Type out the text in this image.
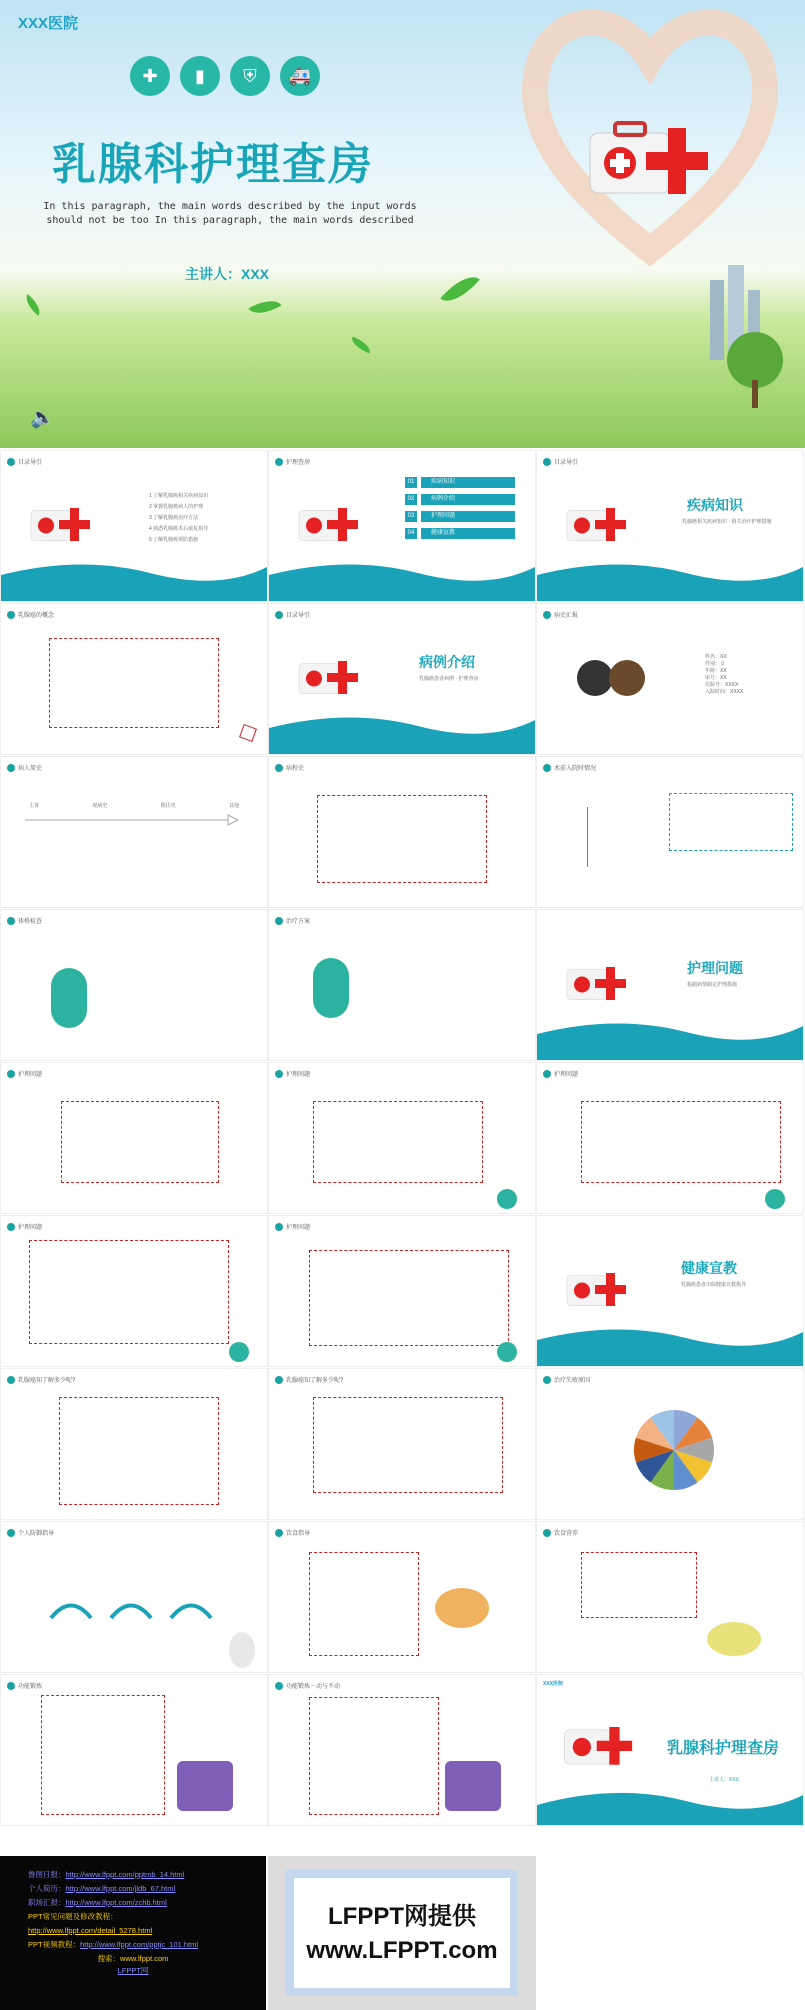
XXX医院
✚	▮	⛨	🚑
乳腺科护理查房
In this paragraph, the main words described by the input words should not be too In this paragraph, the main words described
主讲人：XXX
🔈
目录导引
1 了解乳腺癌相关疾病知识
2 掌握乳腺癌病人的护理
3 了解乳腺癌治疗方法
4 熟悉乳腺癌术后康复指导
5 了解乳腺癌预防措施
护理查房
01	疾病知识
02	病例介绍
03	护理问题
04	健康宣教
目录导引
疾病知识
乳腺癌相关疾病知识 · 相关治疗护理措施
乳腺癌的概念	目录导引
病例介绍
乳腺癌患者病例 · 护理查房
病史汇报
姓名：XX
性别：女
年龄：XX
床号：XX
住院号：XXXX
入院时间：XXXX
病人简史
主诉	现病史	既往史	其他
病程史	术前入院时情况
体格检查	治疗方案
护理问题
根据病情制定护理措施
护理问题	护理问题	护理问题
护理问题	护理问题
健康宣教
乳腺癌患者出院健康宣教指导
乳腺癌知了解多少呢?	乳腺癌知了解多少呢?	治疗失败原因
个人防御指导	饮食指导	饮食营养
功能锻炼	功能锻炼－动与不动	XXX医院
乳腺科护理查房
主讲人：XXX

鲁图日报：http://www.lfppt.com/pptmb_14.html

个人简历：http://www.lfppt.com/jldb_67.html

职场汇报：http://www.lfppt.com/zchb.html

PPT常见问题及修改教程：

http://www.lfppt.com/detail_5278.html

PPT视频教程：http://www.lfppt.com/pptjc_101.html

搜索：www.lfppt.com

LFPPT网

LFPPT网提供
www.LFPPT.com
